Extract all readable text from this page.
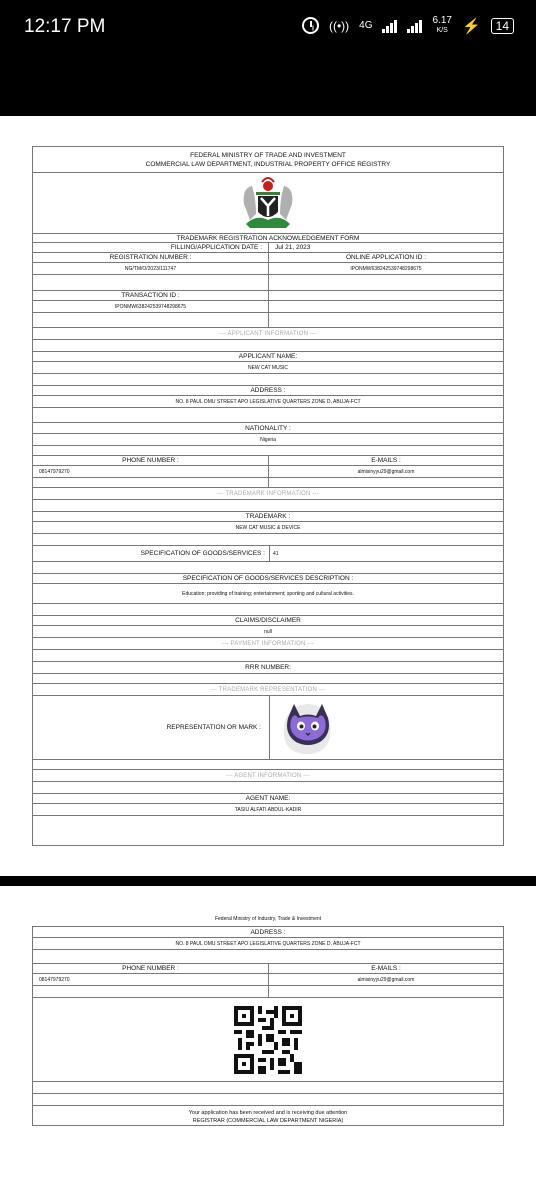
12:17 PM	((•)) 4G	6.17
K/S ⚡	14
FEDERAL MINISTRY OF TRADE AND INVESTMENT
COMMERCIAL LAW DEPARTMENT, INDUSTRIAL PROPERTY OFFICE REGISTRY
TRADEMARK REGISTRATION ACKNOWLEDGEMENT FORM
FILLING/APPLICATION DATE :	Jul 21, 2023
REGISTRATION NUMBER :	ONLINE APPLICATION ID :
NG/TM/O/2023/111747	IPONMW638242539748298675
TRANSACTION ID :
IPONMW638242539748298675
--- APPLICANT INFORMATION ---
APPLICANT NAME:
NEW CAT MUSIC
ADDRESS :
NO. 8 PAUL OMU STREET APO LEGISLATIVE QUARTERS ZONE D, ABUJA-FCT
NATIONALITY :
Nigeria
PHONE NUMBER :	E-MAILS :
08147979270	almisinyyu29@gmail.com
--- TRADEMARK INFORMATION ---
TRADEMARK :
NEW CAT MUSIC & DEVICE
SPECIFICATION OF GOODS/SERVICES :	41
SPECIFICATION OF GOODS/SERVICES DESCRIPTION :
Education; providing of training; entertainment; sporting and cultural activities.
CLAIMS/DISCLAIMER
null
--- PAYMENT INFORMATION ---
RRR NUMBER:
--- TRADEMARK REPRESENTATION ---
REPRESENTATION OR MARK :
--- AGENT INFORMATION ---
AGENT NAME:
TASIU ALFATI ABDUL-KADIR
Federal Ministry of Industry, Trade & Investment
ADDRESS :
NO. 8 PAUL OMU STREET APO LEGISLATIVE QUARTERS ZONE D, ABUJA-FCT
PHONE NUMBER :	E-MAILS :
08147979270	almisinyyu29@gmail.com
Your application has been received and is receiving due attention
REGISTRAR (COMMERCIAL LAW DEPARTMENT NIGERIA)
